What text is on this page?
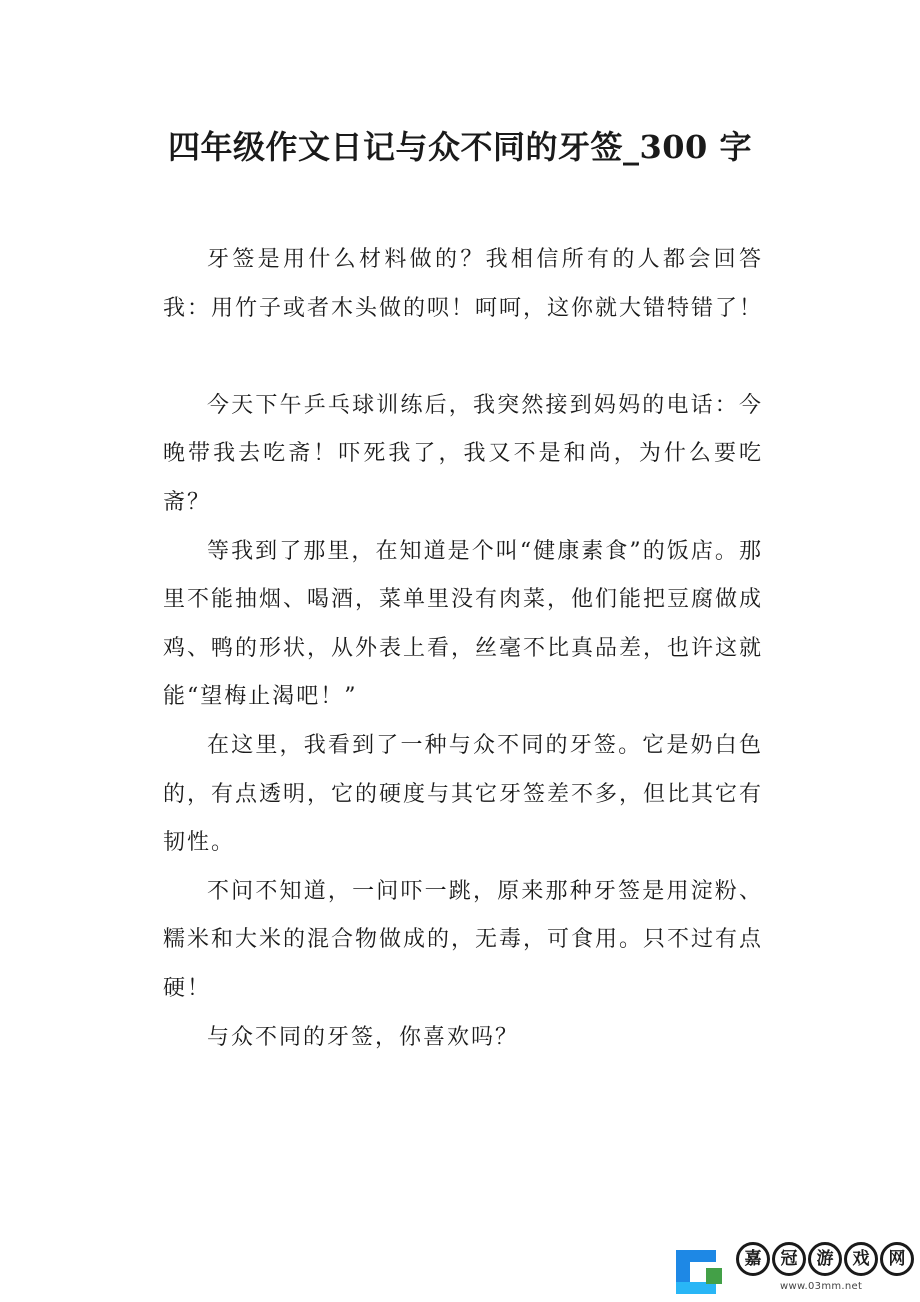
四年级作文日记与众不同的牙签_300 字

牙签是用什么材料做的？我相信所有的人都会回答我：用竹子或者木头做的呗！呵呵，这你就大错特错了！

今天下午乒乓球训练后，我突然接到妈妈的电话：今晚带我去吃斋！吓死我了，我又不是和尚，为什么要吃斋？

等我到了那里，在知道是个叫“健康素食”的饭店。那里不能抽烟、喝酒，菜单里没有肉菜，他们能把豆腐做成鸡、鸭的形状，从外表上看，丝毫不比真品差，也许这就能“望梅止渴吧！”

在这里，我看到了一种与众不同的牙签。它是奶白色的，有点透明，它的硬度与其它牙签差不多，但比其它有韧性。

不问不知道，一问吓一跳，原来那种牙签是用淀粉、糯米和大米的混合物做成的，无毒，可食用。只不过有点硬！

与众不同的牙签，你喜欢吗？

嘉	冠	游	戏	网
www.03mm.net
